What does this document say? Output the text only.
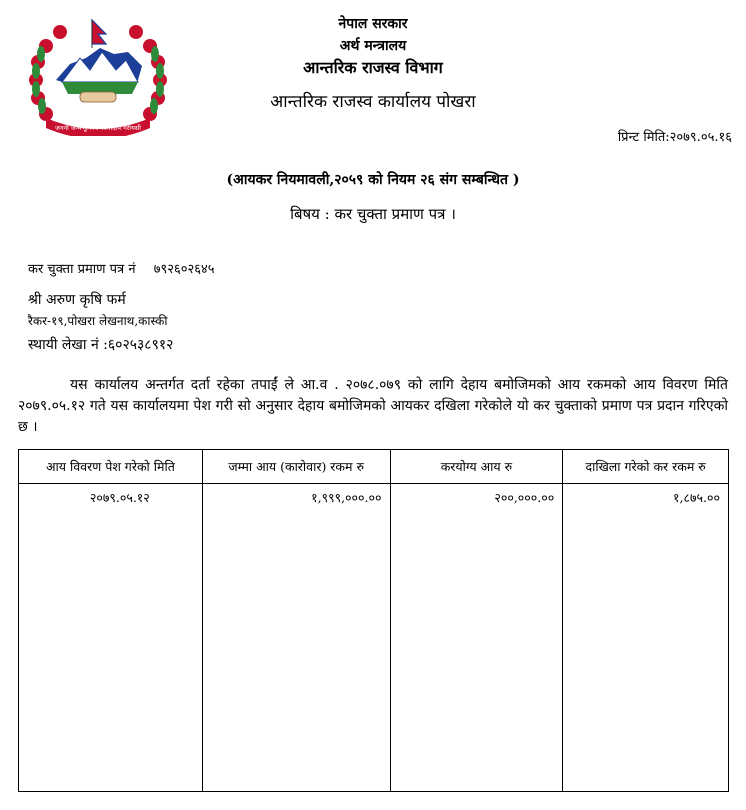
जननी जन्मभूमिश्च स्वर्गादपि गरीयसी
नेपाल सरकार
अर्थ मन्त्रालय
आन्तरिक राजस्व विभाग
आन्तरिक राजस्व कार्यालय पोखरा
प्रिन्ट मिति:२०७९.०५.१६
(आयकर नियमावली,२०५९ को नियम २६ संग सम्बन्धित )
बिषय : कर चुक्ता प्रमाण पत्र ।
कर चुक्ता प्रमाण पत्र नं ७९२६०२६४५
श्री अरुण कृषि फर्म
रैकर-१९,पोखरा लेखनाथ,कास्की
स्थायी लेखा नं :६०२५३८९१२
यस कार्यालय अन्तर्गत दर्ता रहेका तपाईं ले आ.व . २०७८.०७९ को लागि देहाय बमोजिमको आय रकमको आय विवरण मिति २०७९.०५.१२ गते यस कार्यालयमा पेश गरी सो अनुसार देहाय बमोजिमको आयकर दखिला गरेकोले यो कर चुक्ताको प्रमाण पत्र प्रदान गरिएको छ ।
आय विवरण पेश गरेको मिति	जम्मा आय (कारोवार) रकम रु	करयोग्य आय रु	दाखिला गरेको कर रकम रु
२०७९.०५.१२	१,९९९,०००.००	२००,०००.००	१,८७५.००
